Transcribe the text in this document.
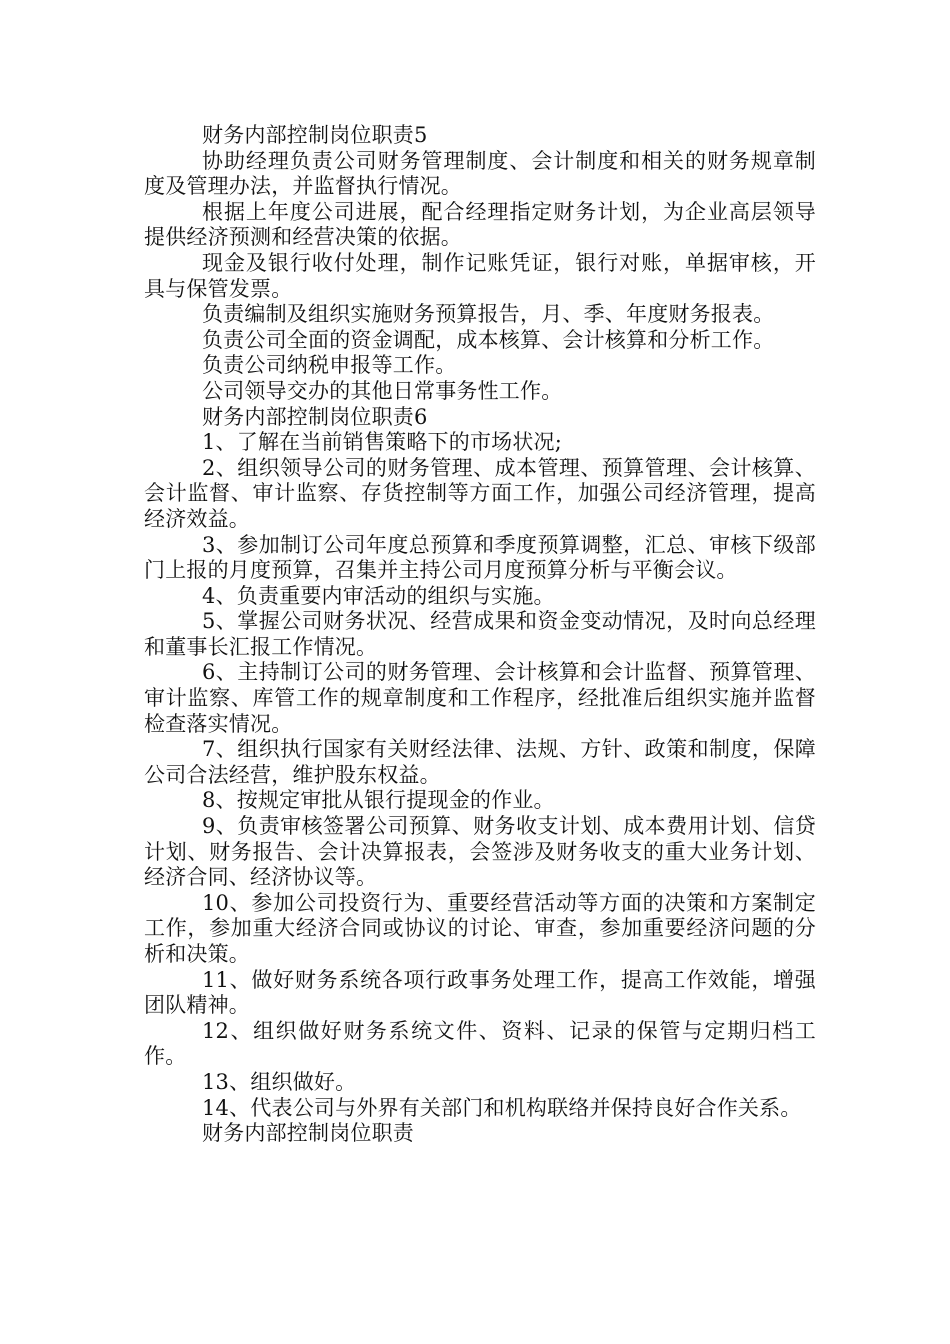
财务内部控制岗位职责5

协助经理负责公司财务管理制度、会计制度和相关的财务规章制度及管理办法，并监督执行情况。

根据上年度公司进展，配合经理指定财务计划，为企业高层领导提供经济预测和经营决策的依据。

现金及银行收付处理，制作记账凭证，银行对账，单据审核，开具与保管发票。

负责编制及组织实施财务预算报告，月、季、年度财务报表。

负责公司全面的资金调配，成本核算、会计核算和分析工作。

负责公司纳税申报等工作。

公司领导交办的其他日常事务性工作。

财务内部控制岗位职责6

1、了解在当前销售策略下的市场状况;

2、组织领导公司的财务管理、成本管理、预算管理、会计核算、会计监督、审计监察、存货控制等方面工作，加强公司经济管理，提高经济效益。

3、参加制订公司年度总预算和季度预算调整，汇总、审核下级部门上报的月度预算，召集并主持公司月度预算分析与平衡会议。

4、负责重要内审活动的组织与实施。

5、掌握公司财务状况、经营成果和资金变动情况，及时向总经理和董事长汇报工作情况。

6、主持制订公司的财务管理、会计核算和会计监督、预算管理、审计监察、库管工作的规章制度和工作程序，经批准后组织实施并监督检查落实情况。

7、组织执行国家有关财经法律、法规、方针、政策和制度，保障公司合法经营，维护股东权益。

8、按规定审批从银行提现金的作业。

9、负责审核签署公司预算、财务收支计划、成本费用计划、信贷计划、财务报告、会计决算报表，会签涉及财务收支的重大业务计划、经济合同、经济协议等。

10、参加公司投资行为、重要经营活动等方面的决策和方案制定工作，参加重大经济合同或协议的讨论、审查，参加重要经济问题的分析和决策。

11、做好财务系统各项行政事务处理工作，提高工作效能，增强团队精神。

12、组织做好财务系统文件、资料、记录的保管与定期归档工作。

13、组织做好。

14、代表公司与外界有关部门和机构联络并保持良好合作关系。

财务内部控制岗位职责
